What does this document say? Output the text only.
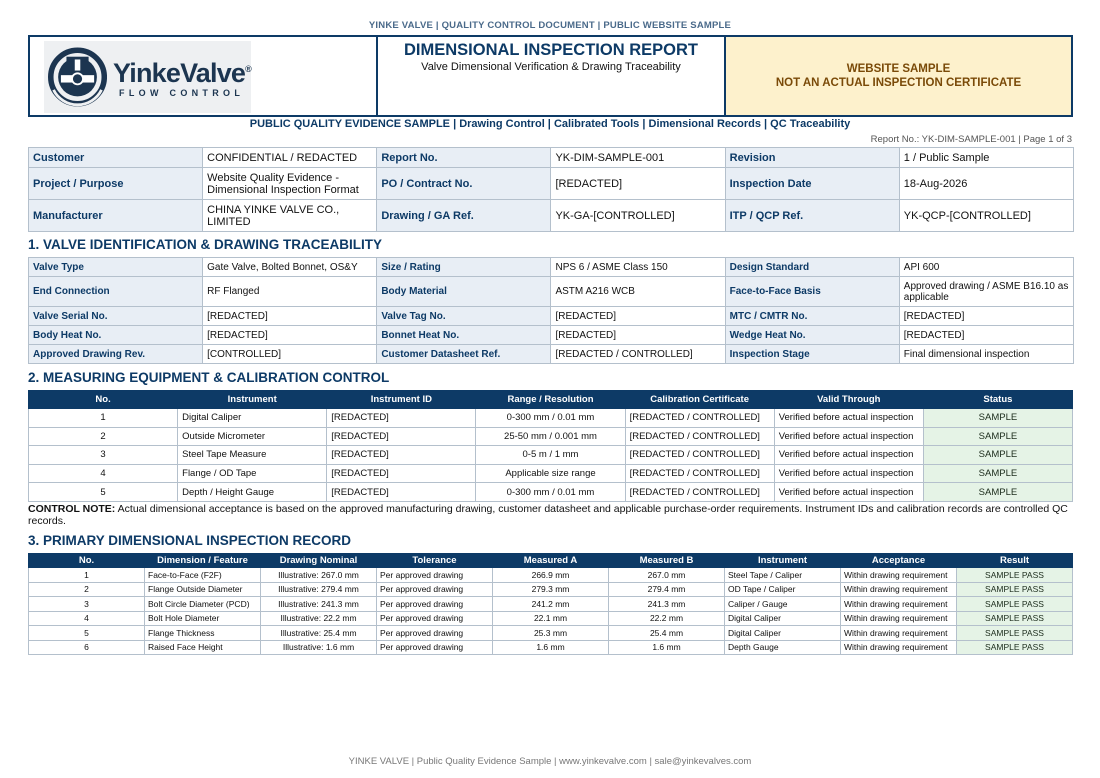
YINKE VALVE | QUALITY CONTROL DOCUMENT | PUBLIC WEBSITE SAMPLE
YinkeValve®
FLOW CONTROL
DIMENSIONAL INSPECTION REPORT
Valve Dimensional Verification & Drawing Traceability	WEBSITE SAMPLE
NOT AN ACTUAL INSPECTION CERTIFICATE
PUBLIC QUALITY EVIDENCE SAMPLE | Drawing Control | Calibrated Tools | Dimensional Records | QC Traceability
Report No.: YK-DIM-SAMPLE-001 | Page 1 of 3
Customer	CONFIDENTIAL / REDACTED	Report No.	YK-DIM-SAMPLE-001	Revision	1 / Public Sample
Project / Purpose	Website Quality Evidence - Dimensional Inspection Format	PO / Contract No.	[REDACTED]	Inspection Date	18-Aug-2026
Manufacturer	CHINA YINKE VALVE CO., LIMITED	Drawing / GA Ref.	YK-GA-[CONTROLLED]	ITP / QCP Ref.	YK-QCP-[CONTROLLED]
1. VALVE IDENTIFICATION & DRAWING TRACEABILITY
Valve Type	Gate Valve, Bolted Bonnet, OS&Y	Size / Rating	NPS 6 / ASME Class 150	Design Standard	API 600
End Connection	RF Flanged	Body Material	ASTM A216 WCB	Face-to-Face Basis	Approved drawing / ASME B16.10 as applicable
Valve Serial No.	[REDACTED]	Valve Tag No.	[REDACTED]	MTC / CMTR No.	[REDACTED]
Body Heat No.	[REDACTED]	Bonnet Heat No.	[REDACTED]	Wedge Heat No.	[REDACTED]
Approved Drawing Rev.	[CONTROLLED]	Customer Datasheet Ref.	[REDACTED / CONTROLLED]	Inspection Stage	Final dimensional inspection
2. MEASURING EQUIPMENT & CALIBRATION CONTROL
No.	Instrument	Instrument ID	Range / Resolution	Calibration Certificate	Valid Through	Status
1	Digital Caliper	[REDACTED]	0-300 mm / 0.01 mm	[REDACTED / CONTROLLED]	Verified before actual inspection	SAMPLE
2	Outside Micrometer	[REDACTED]	25-50 mm / 0.001 mm	[REDACTED / CONTROLLED]	Verified before actual inspection	SAMPLE
3	Steel Tape Measure	[REDACTED]	0-5 m / 1 mm	[REDACTED / CONTROLLED]	Verified before actual inspection	SAMPLE
4	Flange / OD Tape	[REDACTED]	Applicable size range	[REDACTED / CONTROLLED]	Verified before actual inspection	SAMPLE
5	Depth / Height Gauge	[REDACTED]	0-300 mm / 0.01 mm	[REDACTED / CONTROLLED]	Verified before actual inspection	SAMPLE
CONTROL NOTE: Actual dimensional acceptance is based on the approved manufacturing drawing, customer datasheet and applicable purchase-order requirements. Instrument IDs and calibration records are controlled QC records.
3. PRIMARY DIMENSIONAL INSPECTION RECORD
No.	Dimension / Feature	Drawing Nominal	Tolerance	Measured A	Measured B	Instrument	Acceptance	Result
1	Face-to-Face (F2F)	Illustrative: 267.0 mm	Per approved drawing	266.9 mm	267.0 mm	Steel Tape / Caliper	Within drawing requirement	SAMPLE PASS
2	Flange Outside Diameter	Illustrative: 279.4 mm	Per approved drawing	279.3 mm	279.4 mm	OD Tape / Caliper	Within drawing requirement	SAMPLE PASS
3	Bolt Circle Diameter (PCD)	Illustrative: 241.3 mm	Per approved drawing	241.2 mm	241.3 mm	Caliper / Gauge	Within drawing requirement	SAMPLE PASS
4	Bolt Hole Diameter	Illustrative: 22.2 mm	Per approved drawing	22.1 mm	22.2 mm	Digital Caliper	Within drawing requirement	SAMPLE PASS
5	Flange Thickness	Illustrative: 25.4 mm	Per approved drawing	25.3 mm	25.4 mm	Digital Caliper	Within drawing requirement	SAMPLE PASS
6	Raised Face Height	Illustrative: 1.6 mm	Per approved drawing	1.6 mm	1.6 mm	Depth Gauge	Within drawing requirement	SAMPLE PASS
YINKE VALVE | Public Quality Evidence Sample | www.yinkevalve.com | sale@yinkevalves.com
